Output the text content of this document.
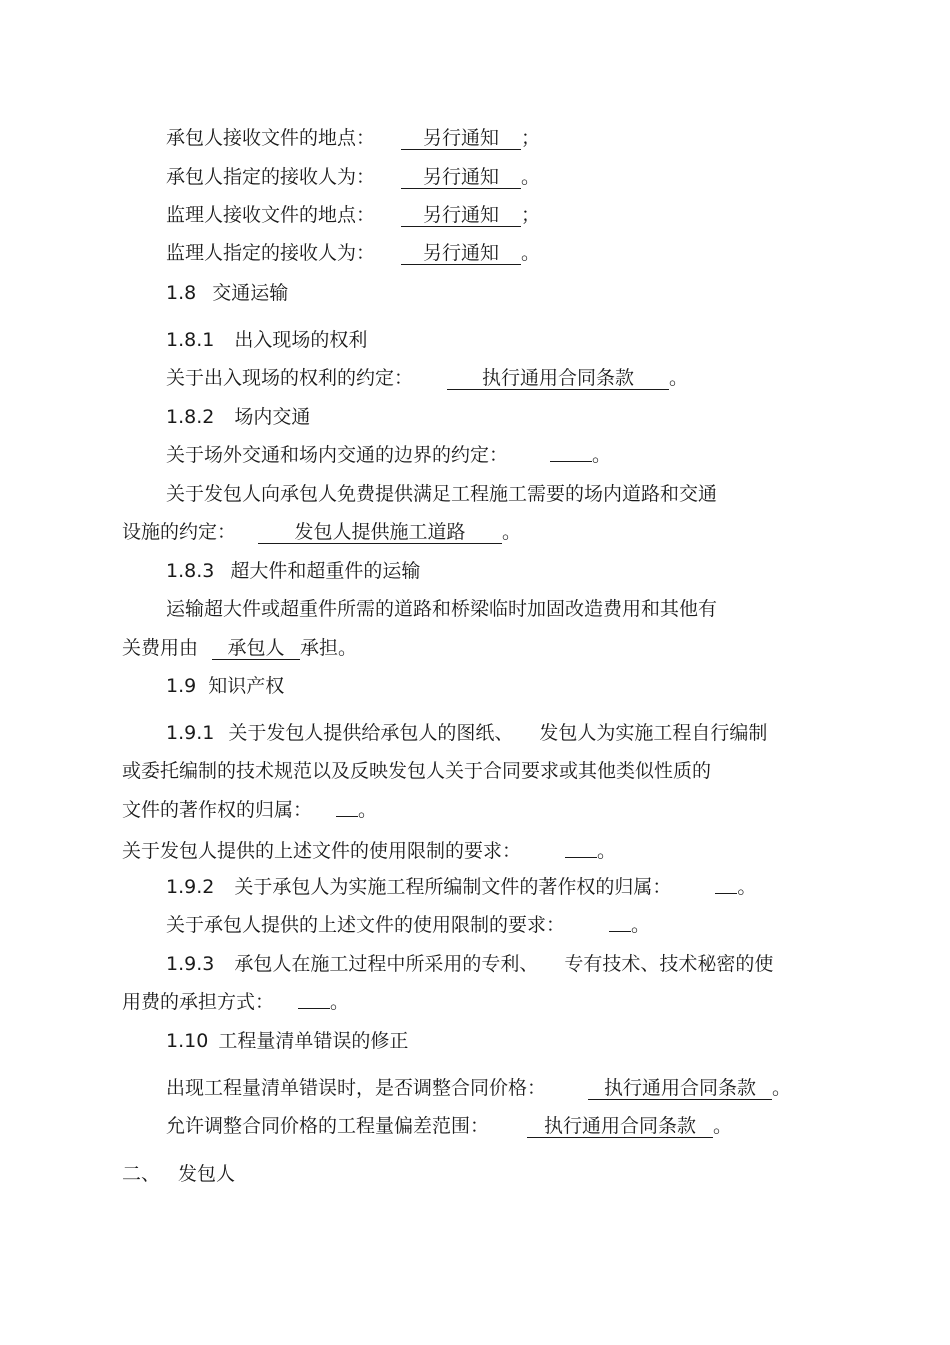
承包人接收文件的地点：	另行通知 ；
承包人指定的接收人为：	另行通知 。
监理人接收文件的地点：	另行通知 ；
监理人指定的接收人为：	另行通知 。
1.8 交通运输
1.8.1 出入现场的权利
关于出入现场的权利的约定：	执行通用合同条款 。
1.8.2 场内交通
关于场外交通和场内交通的边界的约定：	。
关于发包人向承包人免费提供满足工程施工需要的场内道路和交通
设施的约定：	发包人提供施工道路 。
1.8.3 超大件和超重件的运输
运输超大件或超重件所需的道路和桥梁临时加固改造费用和其他有
关费用由 承包人 承担。
1.9 知识产权
1.9.1 关于发包人提供给承包人的图纸、 发包人为实施工程自行编制
或委托编制的技术规范以及反映发包人关于合同要求或其他类似性质的
文件的著作权的归属： 。
关于发包人提供的上述文件的使用限制的要求：	。
1.9.2 关于承包人为实施工程所编制文件的著作权的归属：	。
关于承包人提供的上述文件的使用限制的要求：	。
1.9.3 承包人在施工过程中所采用的专利、 专有技术、技术秘密的使
用费的承担方式：	。
1.10 工程量清单错误的修正
出现工程量清单错误时，是否调整合同价格：	执行通用合同条款 。
允许调整合同价格的工程量偏差范围：	执行通用合同条款 。
二、 发包人
